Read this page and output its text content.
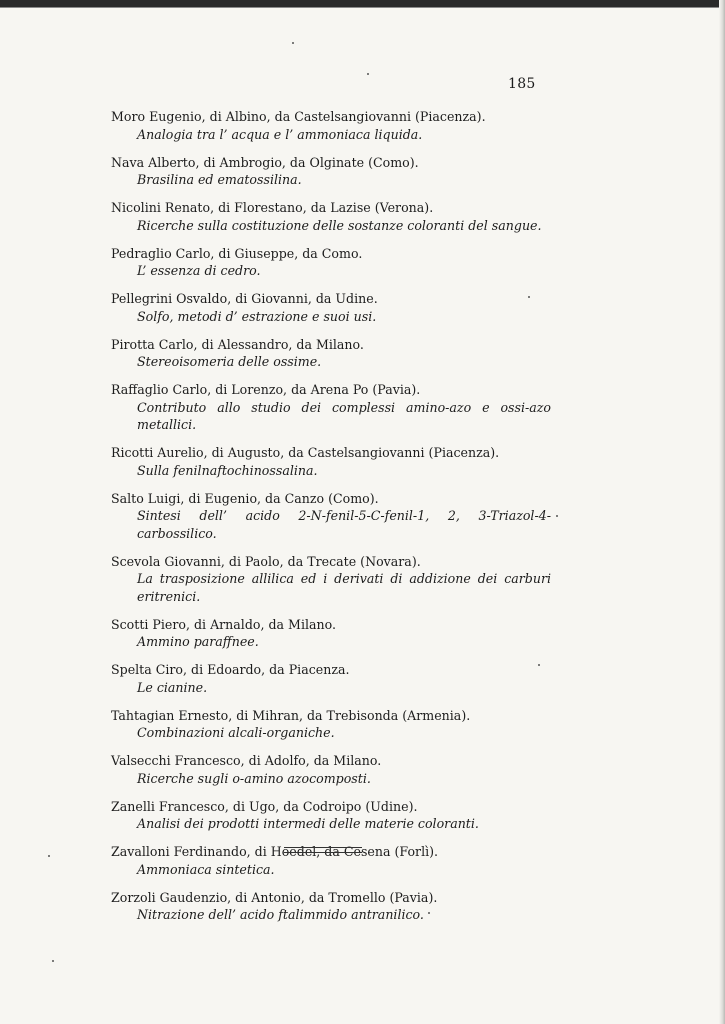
185
Moro Eugenio, di Albino, da Castelsangiovanni (Piacenza).
Analogia tra l’ acqua e l’ ammoniaca liquida.
Nava Alberto, di Ambrogio, da Olginate (Como).
Brasilina ed ematossilina.
Nicolini Renato, di Florestano, da Lazise (Verona).
Ricerche sulla costituzione delle sostanze coloranti del sangue.
Pedraglio Carlo, di Giuseppe, da Como.
L’ essenza di cedro.
Pellegrini Osvaldo, di Giovanni, da Udine.
Solfo, metodi d’ estrazione e suoi usi.
Pirotta Carlo, di Alessandro, da Milano.
Stereoisomeria delle ossime.
Raffaglio Carlo, di Lorenzo, da Arena Po (Pavia).
Contributo allo studio dei complessi amino-azo e ossi-azo metallici.
Ricotti Aurelio, di Augusto, da Castelsangiovanni (Piacenza).
Sulla fenilnaftochinossalina.
Salto Luigi, di Eugenio, da Canzo (Como).
Sintesi dell’ acido 2-N-fenil-5-C-fenil-1, 2, 3-Triazol-4-carbossilico.
Scevola Giovanni, di Paolo, da Trecate (Novara).
La trasposizione allilica ed i derivati di addizione dei carburi eritrenici.
Scotti Piero, di Arnaldo, da Milano.
Ammino paraffnee.
Spelta Ciro, di Edoardo, da Piacenza.
Le cianine.
Tahtagian Ernesto, di Mihran, da Trebisonda (Armenia).
Combinazioni alcali-organiche.
Valsecchi Francesco, di Adolfo, da Milano.
Ricerche sugli o-amino azocomposti.
Zanelli Francesco, di Ugo, da Codroipo (Udine).
Analisi dei prodotti intermedi delle materie coloranti.
Zavalloni Ferdinando, di Hoedel, da Cesena (Forlì).
Ammoniaca sintetica.
Zorzoli Gaudenzio, di Antonio, da Tromello (Pavia).
Nitrazione dell’ acido ftalimmido antranilico.
